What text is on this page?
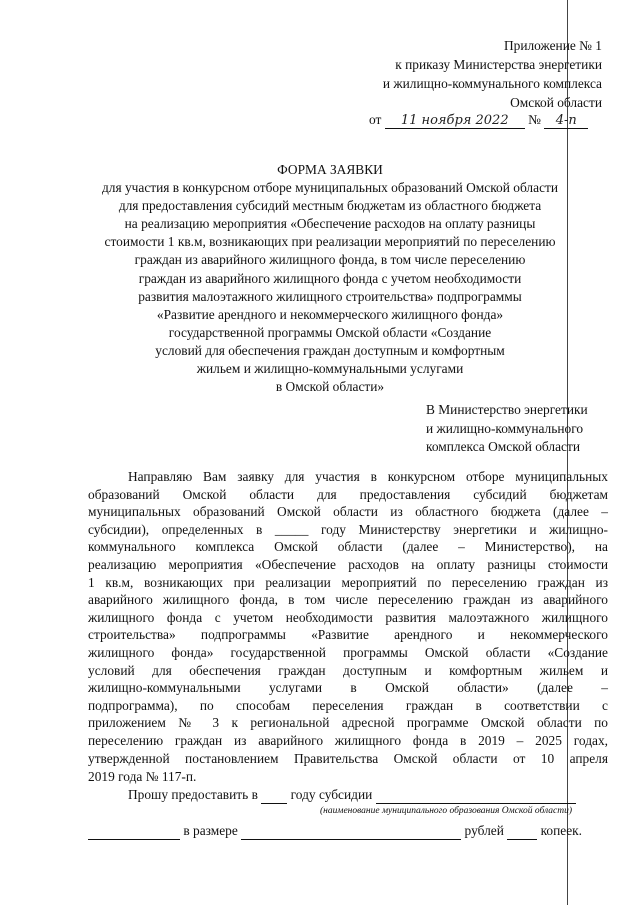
Приложение № 1
к приказу Министерства энергетики
и жилищно-коммунального комплекса
Омской области
от 11 ноября 2022 № 4-п
ФОРМА ЗАЯВКИ
для участия в конкурсном отборе муниципальных образований Омской области
для предоставления субсидий местным бюджетам из областного бюджета
на реализацию мероприятия «Обеспечение расходов на оплату разницы
стоимости 1 кв.м, возникающих при реализации мероприятий по переселению
граждан из аварийного жилищного фонда, в том числе переселению
граждан из аварийного жилищного фонда с учетом необходимости
развития малоэтажного жилищного строительства» подпрограммы
«Развитие арендного и некоммерческого жилищного фонда»
государственной программы Омской области «Создание
условий для обеспечения граждан доступным и комфортным
жильем и жилищно-коммунальными услугами
в Омской области»
В Министерство энергетики
и жилищно-коммунального
комплекса Омской области
Направляю Вам заявку для участия в конкурсном отборе муниципальных
образований Омской области для предоставления субсидий бюджетам
муниципальных образований Омской области из областного бюджета (далее –
субсидии), определенных в _____ году Министерству энергетики и жилищно-
коммунального комплекса Омской области (далее – Министерство), на
реализацию мероприятия «Обеспечение расходов на оплату разницы стоимости
1 кв.м, возникающих при реализации мероприятий по переселению граждан из
аварийного жилищного фонда, в том числе переселению граждан из аварийного
жилищного фонда с учетом необходимости развития малоэтажного жилищного
строительства» подпрограммы «Развитие арендного и некоммерческого
жилищного фонда» государственной программы Омской области «Создание
условий для обеспечения граждан доступным и комфортным жильем и
жилищно-коммунальными услугами в Омской области» (далее –
подпрограмма), по способам переселения граждан в соответствии с
приложением № 3 к региональной адресной программе Омской области по
переселению граждан из аварийного жилищного фонда в 2019 – 2025 годах,
утвержденной постановлением Правительства Омской области от 10 апреля
2019 года № 117-п.
Прошу предоставить в году субсидии
(наименование муниципального образования Омской области)
в размере	рублей	копеек.
